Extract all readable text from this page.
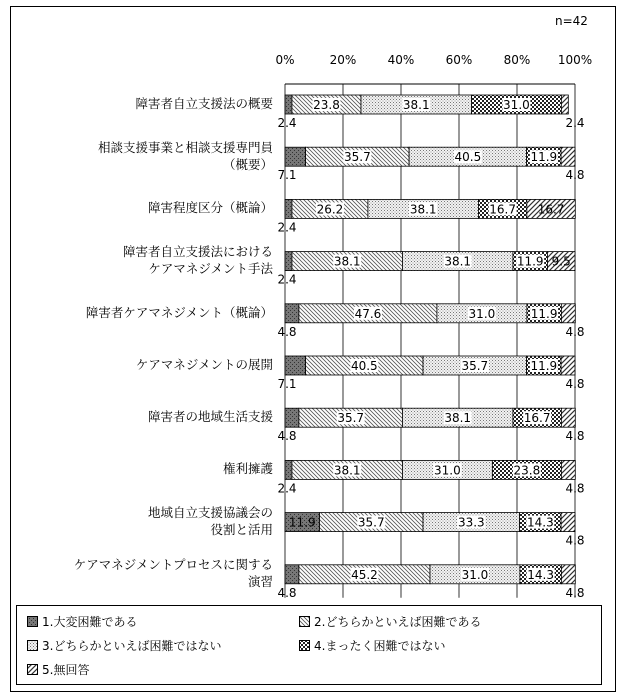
n=42
0%	20%	40%	60%	80% 100%
2.4
23.8	38.1	31.0
2.4
7.1
35.7	40.5	11.9
4.8
2.4
26.2	38.1	16.7 16.7
2.4
38.1	38.1	11.9 9.5
4.8
47.6	31.0	11.9
4.8
7.1
40.5	35.7	11.9
4.8
4.8
35.7	38.1	16.7
4.8
2.4
38.1	31.0	23.8
4.8
11.9	35.7	33.3	14.3
4.8
4.8
45.2	31.0	14.3
4.8
障害者自立支援法の概要
相談支援事業と相談支援専門員
（概要）
障害程度区分（概論）
障害者自立支援法における
ケアマネジメント手法
障害者ケアマネジメント（概論）
ケアマネジメントの展開
障害者の地域生活支援
権利擁護
地域自立支援協議会の
役割と活用
ケアマネジメントプロセスに関する
演習
1.大変困難である	2.どちらかといえば困難である
3.どちらかといえば困難ではない	4.まったく困難ではない
5.無回答
